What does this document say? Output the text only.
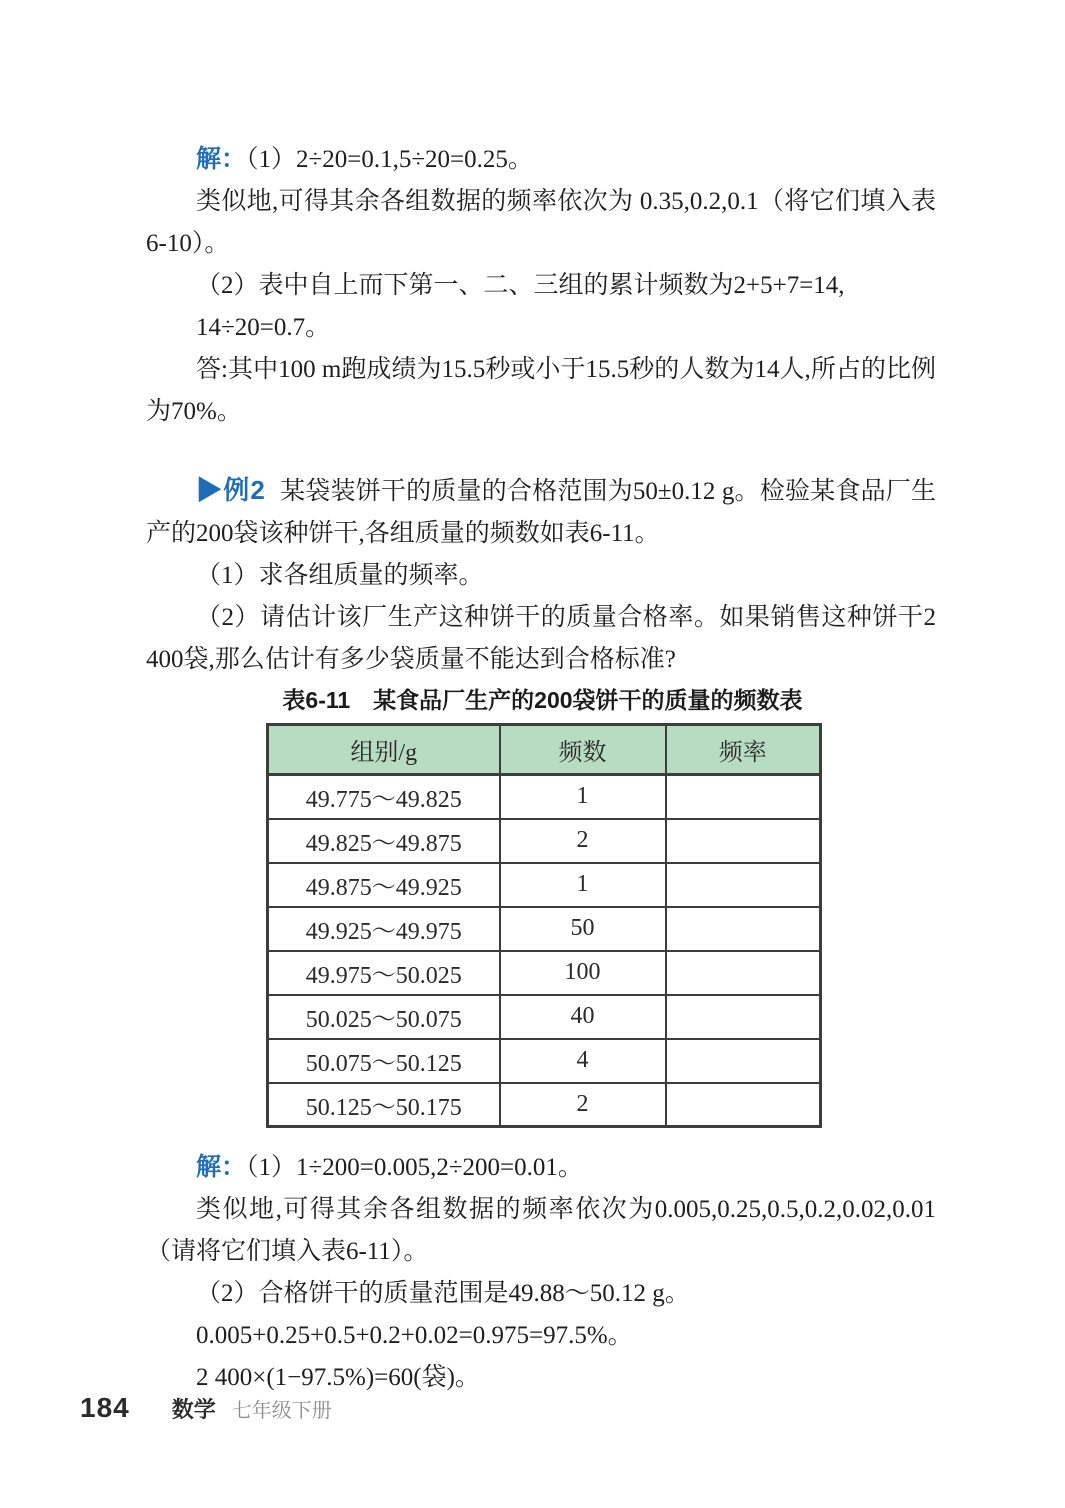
解：（1）2÷20=0.1,5÷20=0.25。

类似地,可得其余各组数据的频率依次为 0.35,0.2,0.1（将它们填入表6-10）。

（2）表中自上而下第一、二、三组的累计频数为2+5+7=14,

14÷20=0.7。

答:其中100 m跑成绩为15.5秒或小于15.5秒的人数为14人,所占的比例为70%。

▶例2 某袋装饼干的质量的合格范围为50±0.12 g。检验某食品厂生产的200袋该种饼干,各组质量的频数如表6-11。

（1）求各组质量的频率。

（2）请估计该厂生产这种饼干的质量合格率。如果销售这种饼干2 400袋,那么估计有多少袋质量不能达到合格标准?

表6-11　某食品厂生产的200袋饼干的质量的频数表
组别/g	频数	频率
49.775～49.825	1	
49.825～49.875	2	
49.875～49.925	1	
49.925～49.975	50	
49.975～50.025	100	
50.025～50.075	40	
50.075～50.125	4	
50.125～50.175	2	

解：（1）1÷200=0.005,2÷200=0.01。

类似地,可得其余各组数据的频率依次为0.005,0.25,0.5,0.2,0.02,0.01（请将它们填入表6-11）。

（2）合格饼干的质量范围是49.88～50.12 g。

0.005+0.25+0.5+0.2+0.02=0.975=97.5%。

2 400×(1−97.5%)=60(袋)。

184 数学 七年级下册
